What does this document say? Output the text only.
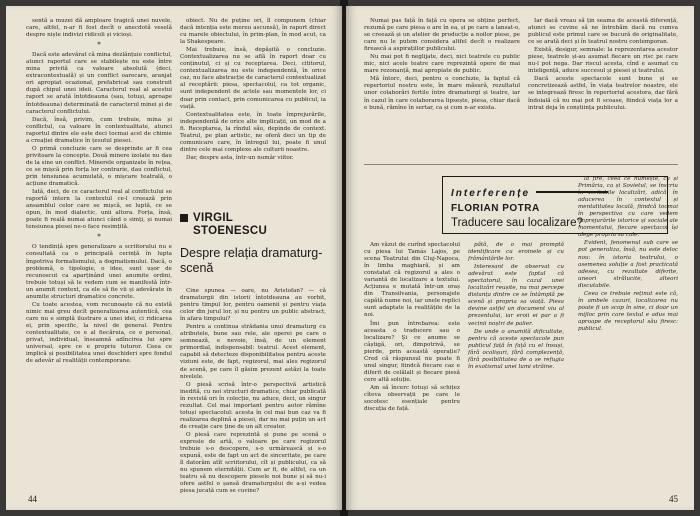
sentă a muzei dă amploare tragică unei nuvele, care, altfel, n-ar fi fost decît o anecdotă veselă despre niște indivizi ridicoli și vicioși.

*

Dacă este adevărat că mina dezlănțuie conflictul, atunci raportul care se stabilește nu este între mina privită ca valoare absolută (deci, extracontextuală) și un conflict oarecare, aranjat ori apropiat ocazional, prefabricat sau construit după chipul unei ideii. Caracterul real al acestui raport se arată întotdeauna (sau, totuși, aproape întotdeauna) determinată de caracterul minei și de caracterul conflictului.

Dacă, însă, privim, cum trebuie, mina și conflictul, ca valoare în contextualitate, atunci raportul dintre ele este deci tocmai acel de chimie a creației dramatice în țesutul piesei.

O primă concluzie care se desprinde ar fi cea privitoare la concepte. Două minere izolate nu dau de la sine un conflict. Minerele organizate în rețea, ce se mișcă prin forța lor contrarie, dau conflictul, prin tensiunea acumulată, o mișcare teatrală, o acțiune dramatică.

Iată, deci, de ce caracterul real al conflictului se raportă intern la contextul ce-l creează prin ansamblul celor care se mișcă, se luptă, ce se opun, în mod dialectic, unii altora. Forța, însă, poate fi reală numai atunci când o simți, și numai tensiunea piesei ne-o face resimțită.

*

O tendință spre generalizare a scriitorului nu e consultată ca o principală cerință în lupta împotriva formalismului, a dogmatismului. Dacă, o problemă, o tipologie, o idee, sunt ușor de recunoscut ca aparținând unei anumite ordini, trebuie totuși să le vedem cum se manifestă într-un anumit context, ca ele să fie vii și adevărate în anumite structuri dramatice concrete.

Cu toate acestea, vom recunoaște că nu există nimic mai greu decît generalizarea autentică, cea care nu e simplă ilustrare a unei idei, ci ridicarea ei, prin specific, la nivel de general. Pentru contextualitate, ce e al fiecăruia, ce e personal, privat, individual, înseamnă adîncirea lui spre universal, spre ce e propriu tuturor. Ceea ce implică și posibilitatea unei deschideri spre fondul de adevăr al realității contemporane.

obiect. Nu de puține ori, îl compunem (chiar dacă intenția este mereu ascunsă), în raport direct cu marele obiectului, în prim-plan, în mod acut, ca la Shakespeare.

Mai trebuie, însă, depășită o concluzie. Contextualizarea nu se află în raport doar cu conținutul, ci și cu receptarea. Deci, cititorul, contextualizarea nu este independentă, în orice caz, nu face abstracție de caracterul contextualizat al receptării: piesa, spectacolul, ca tot organic, sunt independent de actele sau momentele lor, ci doar prin contact, prin comunicarea cu publicul, ia viață.

Contextualitatea este, în toate împrejurările, independentă de orice alte implicații, un mod de a fi. Receptarea, la rîndul său, depinde de context. Teatrul, pe plan artistic, ne oferă deci un tip de comunicare care, în întregul lui, poate fi unul dintre cele mai complexe ale culturii noastre.

Dar, despre asta, într-un număr viitor.

VIRGIL
STOENESCU
Despre relația dramaturg-scenă

Cine spunea — oare, nu Aristofan? — că dramaturgii din istorii întotdeauna au vorbit, pentru timpul lor, pentru oamenii și pentru viața celor din jurul lor, și nu pentru un public abstract, în afara timpului?

Pentru a continua strădania unui dramaturg cu atributele, bune sau rele, ale operei pe care o semnează, e nevoie, însă, de un element primordial, indispensabil: teatrul. Acest element, capabil să detecteze disponibilitatea pentru aceste viziuni este, de fapt, regizorul, mai ales regizorul de scenă, pe care îl găsim prezent astăzi la toate nivelele.

O piesă scrisă într-o perspectivă artistică inedită, cu noi structuri dramatice, chiar publicată în revistă ori în colecție, nu aduce, deci, un singur rezultat. Cel mai important pentru autor rămîne totuși spectacolul: acesta în cel mai bun caz va fi realizarea deplină a piesei, dar nu mai puțin un act de creație care ține de un alt creator.

O piesă care reprezintă și pune pe scenă o expresie de artă, o valoare pe care regizorul trebuie s-o descopere, s-o urmărească și s-o expună, este de fapt un act de sinceritate, pe care îl datorăm atît scriitorului, cît și publicului, ca să nu spunem eternității. Cum ar fi, de altfel, ca un teatru să nu descopere piesele noi bune și să nu-i ofere astfel o șansă dramaturgului de a-și vedea piesa jucată cum se cuvine?

44

Numai pas față în față cu opera se obține perfect, rezumă pe care piesa o are în ea, și pe care a lansat-o, se creează și un atelier de producție a noilor piese, pe care nu le putem considera altfel decît o realizare firească a aspirațiilor publicului.

Nu mai pot fi neglijate, deci, nici teatrele cu public mic, nici acele teatre care reprezintă opere de mai mare rezonanță, mai apropiate de public.

Mă întorc, deci, pentru o concluzie, la faptul că repertoriul nostru este, în mare măsură, rezultatul unor colaborări fertile între dramaturgi și teatre, iar în cazul în care colaborarea lipsește, piesa, chiar dacă e bună, rămîne în sertar, ca și cum n-ar exista.

Iar dacă vreau să țin seama de această diferență, atunci se cuvine să ne întrebăm dacă nu cumva publicul este primul care se bucură de originalitate, ce se arată deci și în teatrul nostru contemporan.

Există, desigur, semnale: la reprezentarea acestor piese, teatrele și-au asumat fiecare un risc pe care nu-l pot nega. Dar riscul acesta, cînd e asumat cu inteligență, aduce succesul și piesei și teatrului.

Dacă aceste spectacole sunt bune și se concretizează astfel, în viața teatrelor noastre, ele se integrează firesc în repertoriul acestora, dar fără îndoială că nu mai pot fi scoase, fiindcă viața lor a intrat deja în conștiința publicului.

Interferențe
FLORIAN POTRA
Traducere sau localizare?

Am văzut de curînd spectacolul cu piesa lui Tamás Lajos, pe scena Teatrului din Cluj-Napoca, în limba maghiară, și am constatat că regizorul a ales o variantă de localizare a textului. Acțiunea e mutată într-un oraș din Transilvania, personajele capătă nume noi, iar unele replici sunt adaptate la realitățile de la noi.

Îmi pun întrebarea: este aceasta o traducere sau o localizare? Și ce anume se câștigă, ori, dimpotrivă, se pierde, prin această operație? Cred că răspunsul nu poate fi unul singur, fiindcă fiecare caz e diferit de celălalt și fiecare piesă cere altă soluție.

Am să încerc totuși să schițez cîteva observații pe care le socotesc esențiale pentru discuția de față.

pătă, de o mai promptă identificare cu eroinele și cu frământările lor.

Interesant de observat cu adevărat este faptul că spectatorul, în cazul unei localizări reușite, nu mai percepe distanța dintre ce se întâmplă pe scenă și propria sa viață. Piesa devine astfel un document viu al prezentului, iar eroii ei par a fi vecinii noștri de palier.

De unde o anumită dificultate, pentru că aceste spectacole pun publicul față în față cu el însuși, fără ocolișuri, fără complezență, fără posibilitatea de a se refugia în exotismul unei lumi străine.

la fire, ceea ce numește, ca și Primăria, ca și Sovietul, se înscriu în veritabile localizări, adică, în aducerea în contextul și mentalitatea locală, fiindcă tocmai în perspectiva cu care vedem împrejurările istorice și sociale ale momentului, fiecare spectacol își alege propria sa cale.

Evident, fenomenul sub care se pot generaliza, însă, nu este deloc nou: în istoria teatrului, o asemenea soluție a fost practicată adesea, cu rezultate diferite, uneori strălucite, alteori discutabile.

Ceea ce trebuie reținut este că, în ambele cazuri, localizarea nu poate fi un scop în sine, ci doar un mijloc prin care textul e adus mai aproape de receptorul său firesc: publicul.

45
